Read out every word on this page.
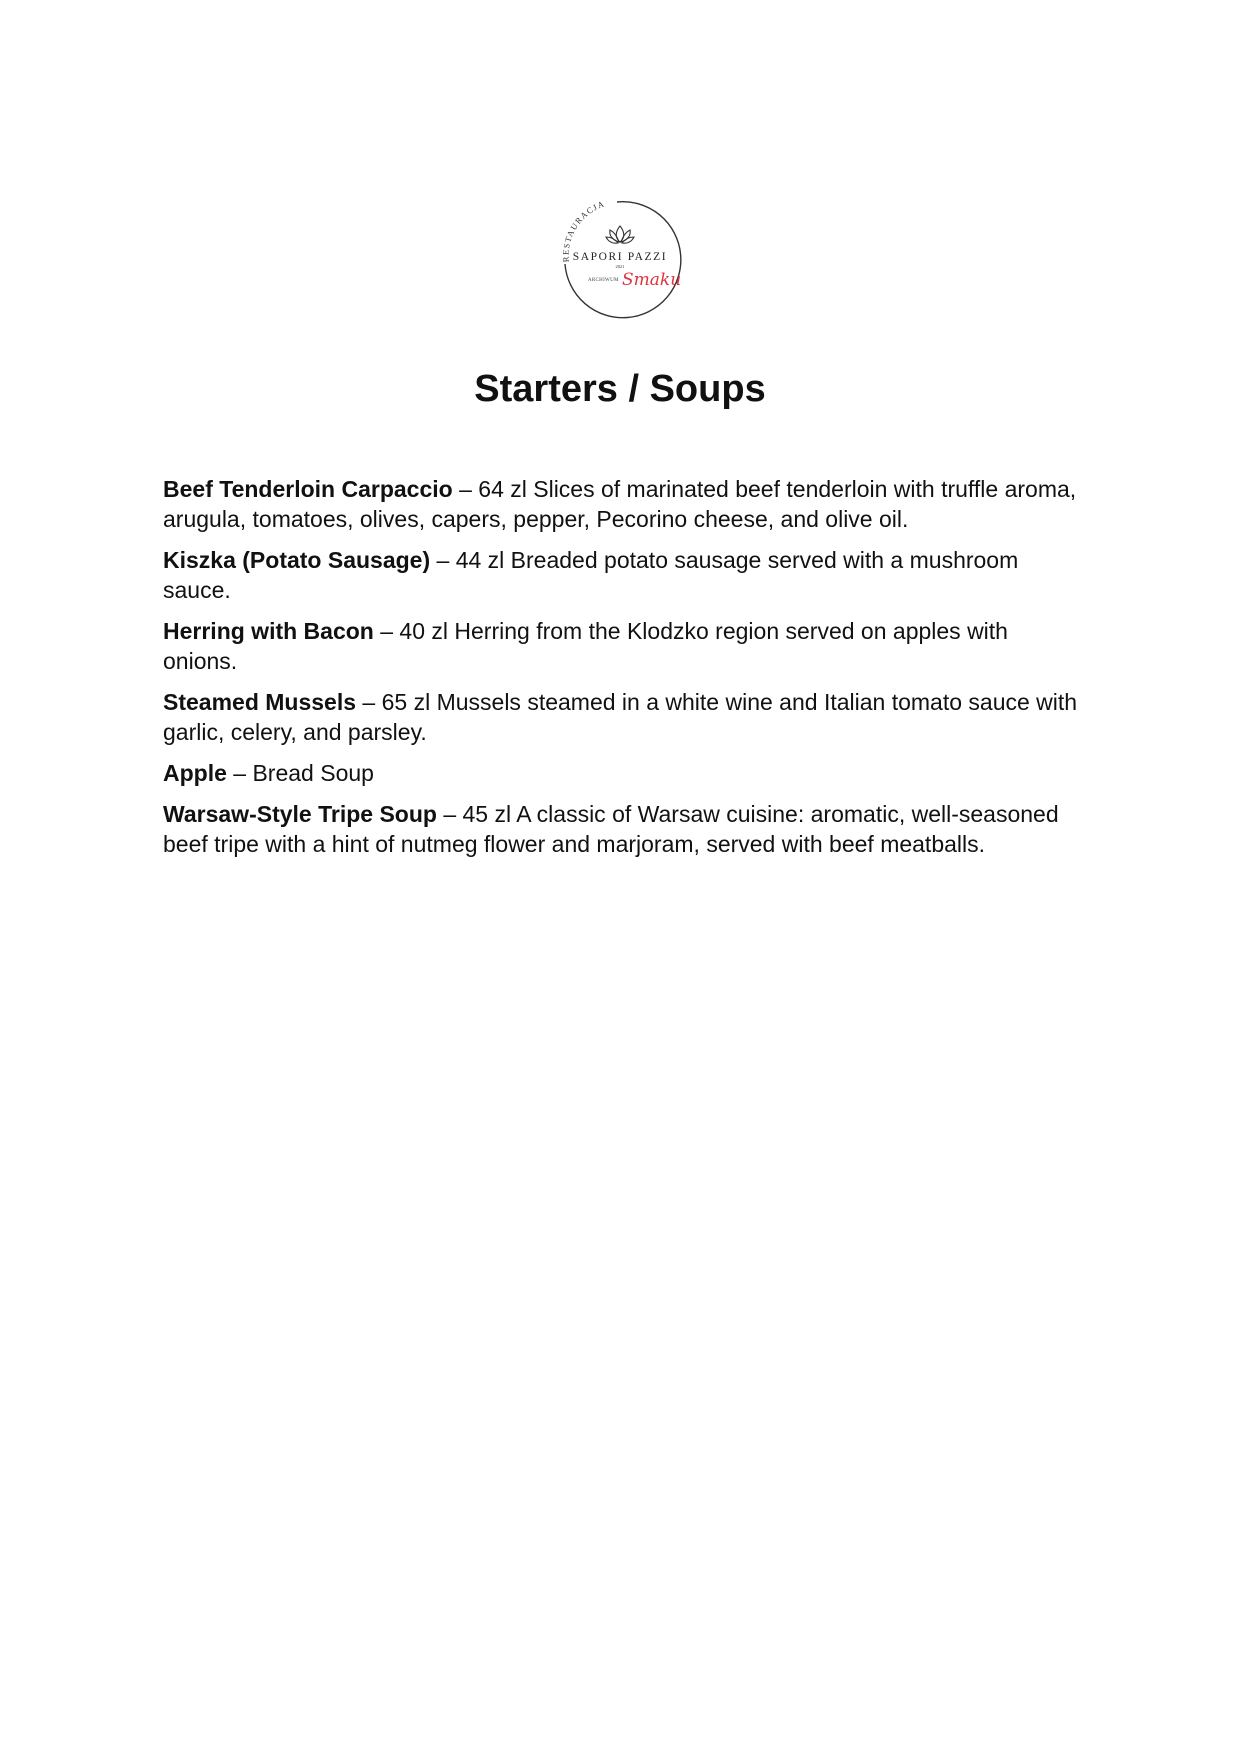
RESTAURACJA
SAPORI PAZZI
2021
ARCHIWUM Smaku
Starters / Soups

Beef Tenderloin Carpaccio – 64 zl Slices of marinated beef tenderloin with truffle aroma, arugula, tomatoes, olives, capers, pepper, Pecorino cheese, and olive oil.

Kiszka (Potato Sausage) – 44 zl Breaded potato sausage served with a mushroom sauce.

Herring with Bacon – 40 zl Herring from the Klodzko region served on apples with onions.

Steamed Mussels – 65 zl Mussels steamed in a white wine and Italian tomato sauce with garlic, celery, and parsley.

Apple – Bread Soup

Warsaw-Style Tripe Soup – 45 zl A classic of Warsaw cuisine: aromatic, well-seasoned beef tripe with a hint of nutmeg flower and marjoram, served with beef meatballs.
